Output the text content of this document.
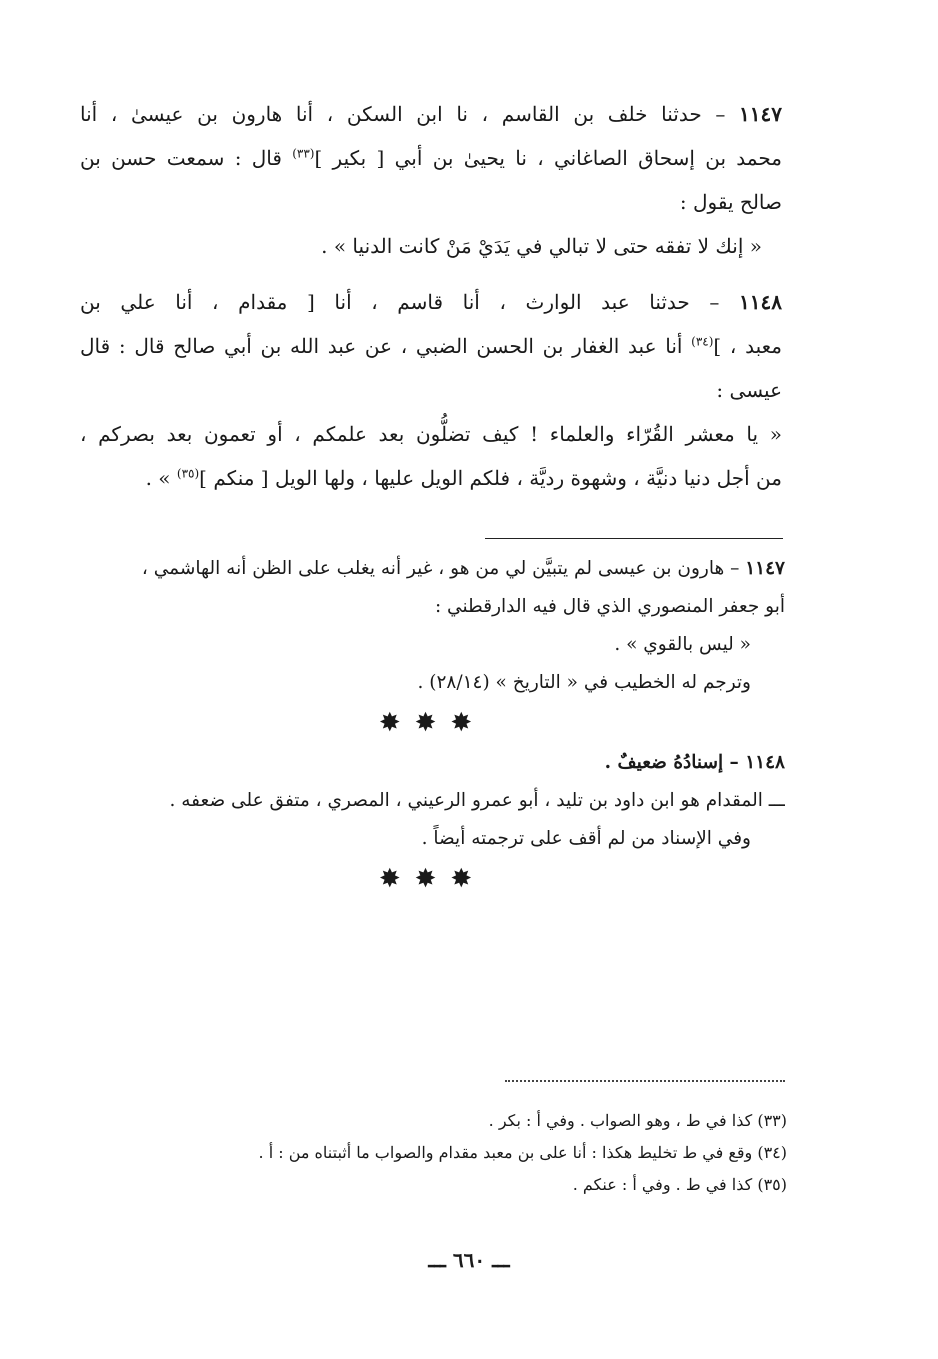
١١٤٧ – حدثنا خلف بن القاسم ، نا ابن السكن ، أنا هارون بن عيسىٰ ، أنا
محمد بن إسحاق الصاغاني ، نا يحيىٰ بن أبي [ بكير ]$^{(٣٣)}$ قال : سمعت حسن بن
صالح يقول :
« إنك لا تفقه حتى لا تبالي في يَدَيْ مَنْ كانت الدنيا » .
١١٤٨ – حدثنا عبد الوارث ، أنا قاسم ، أنا [ مقدام ، أنا علي بن
معبد ، ]$^{(٣٤)}$ أنا عبد الغفار بن الحسن الضبي ، عن عبد الله بن أبي صالح قال : قال
عيسى :
« يا معشر القُرّاء والعلماء ! كيف تضلُّون بعد علمكم ، أو تعمون بعد بصركم ،
من أجل دنيا دنيَّة ، وشهوة رديَّة ، فلكم الويل عليها ، ولها الويل [ منكم ]$^{(٣٥)}$ » .
١١٤٧ – هارون بن عيسى لم يتبيَّن لي من هو ، غير أنه يغلب على الظن أنه الهاشمي ،
أبو جعفر المنصوري الذي قال فيه الدارقطني :
« ليس بالقوي » .
وترجم له الخطيب في « التاريخ » (٢٨/١٤) .
✸✸✸
١١٤٨ – إسنادُهُ ضعيفٌ .
ـــ المقدام هو ابن داود بن تليد ، أبو عمرو الرعيني ، المصري ، متفق على ضعفه .
وفي الإسناد من لم أقف على ترجمته أيضاً .
✸✸✸
(٣٣) كذا في ط ، وهو الصواب . وفي أ : بكر .
(٣٤) وقع في ط تخليط هكذا : أنا على بن معبد مقدام والصواب ما أثبتناه من : أ .
(٣٥) كذا في ط . وفي أ : عنكم .
ـــ ٦٦٠ ـــ
